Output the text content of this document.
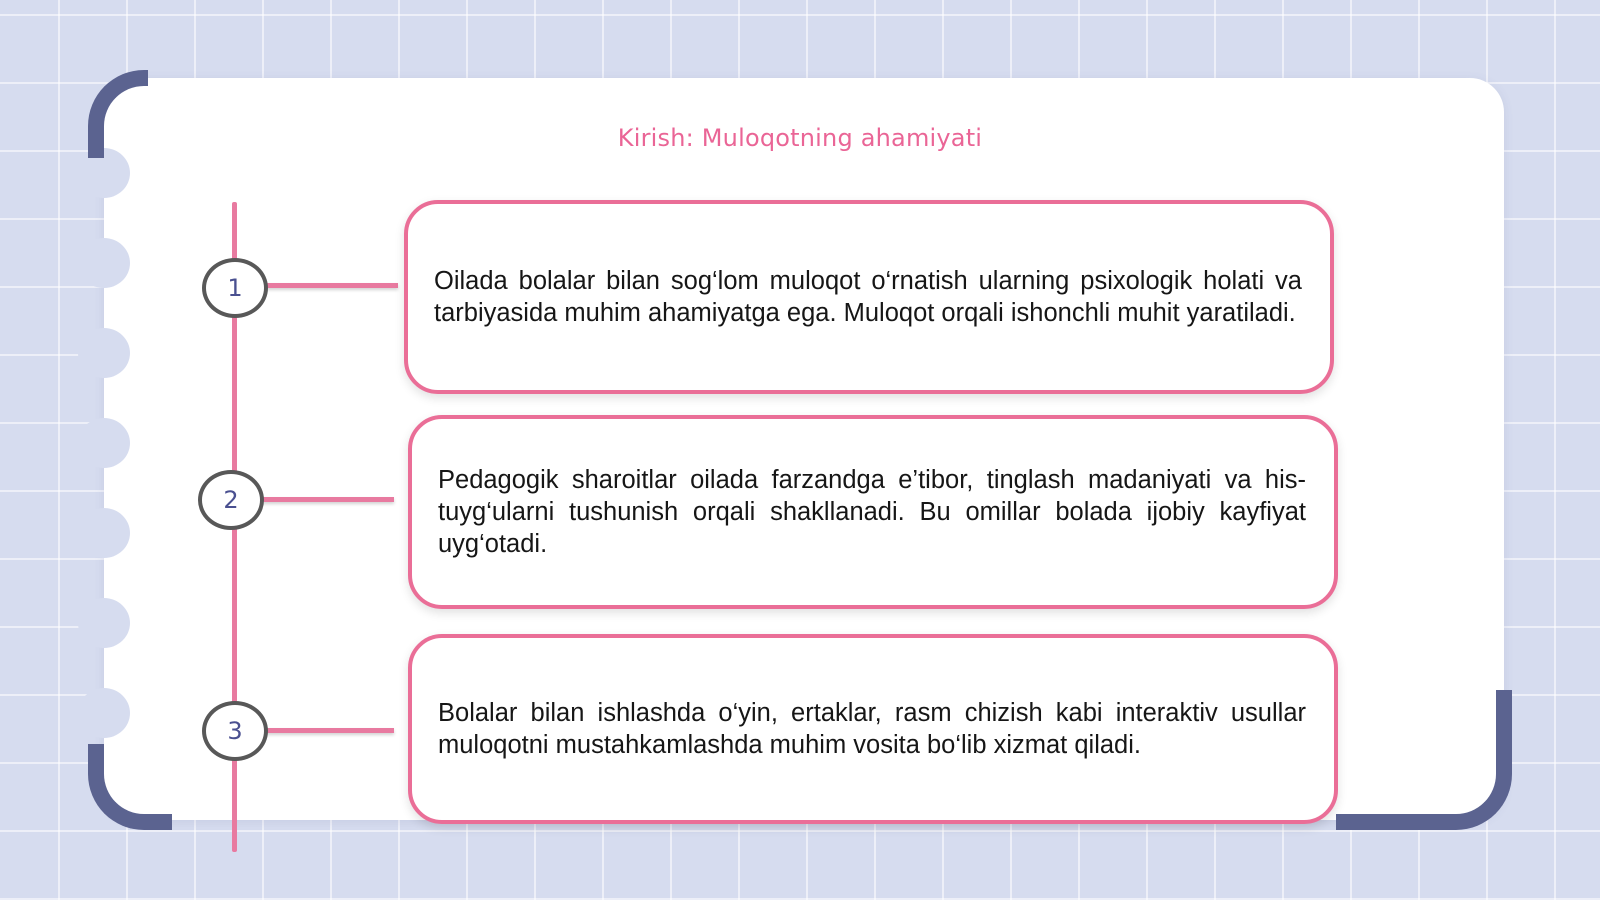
Kirish: Muloqotning ahamiyati
1	Oilada bolalar bilan sog‘lom muloqot o‘rnatish ularning psixologik holati va tarbiyasida muhim ahamiyatga ega. Muloqot orqali ishonchli muhit yaratiladi.
2
Pedagogik sharoitlar oilada farzandga e’tibor, tinglash madaniyati va his-tuyg‘ularni tushunish orqali shakllanadi. Bu omillar bolada ijobiy kayfiyat uyg‘otadi.
3
Bolalar bilan ishlashda o‘yin, ertaklar, rasm chizish kabi interaktiv usullar muloqotni mustahkamlashda muhim vosita bo‘lib xizmat qiladi.
